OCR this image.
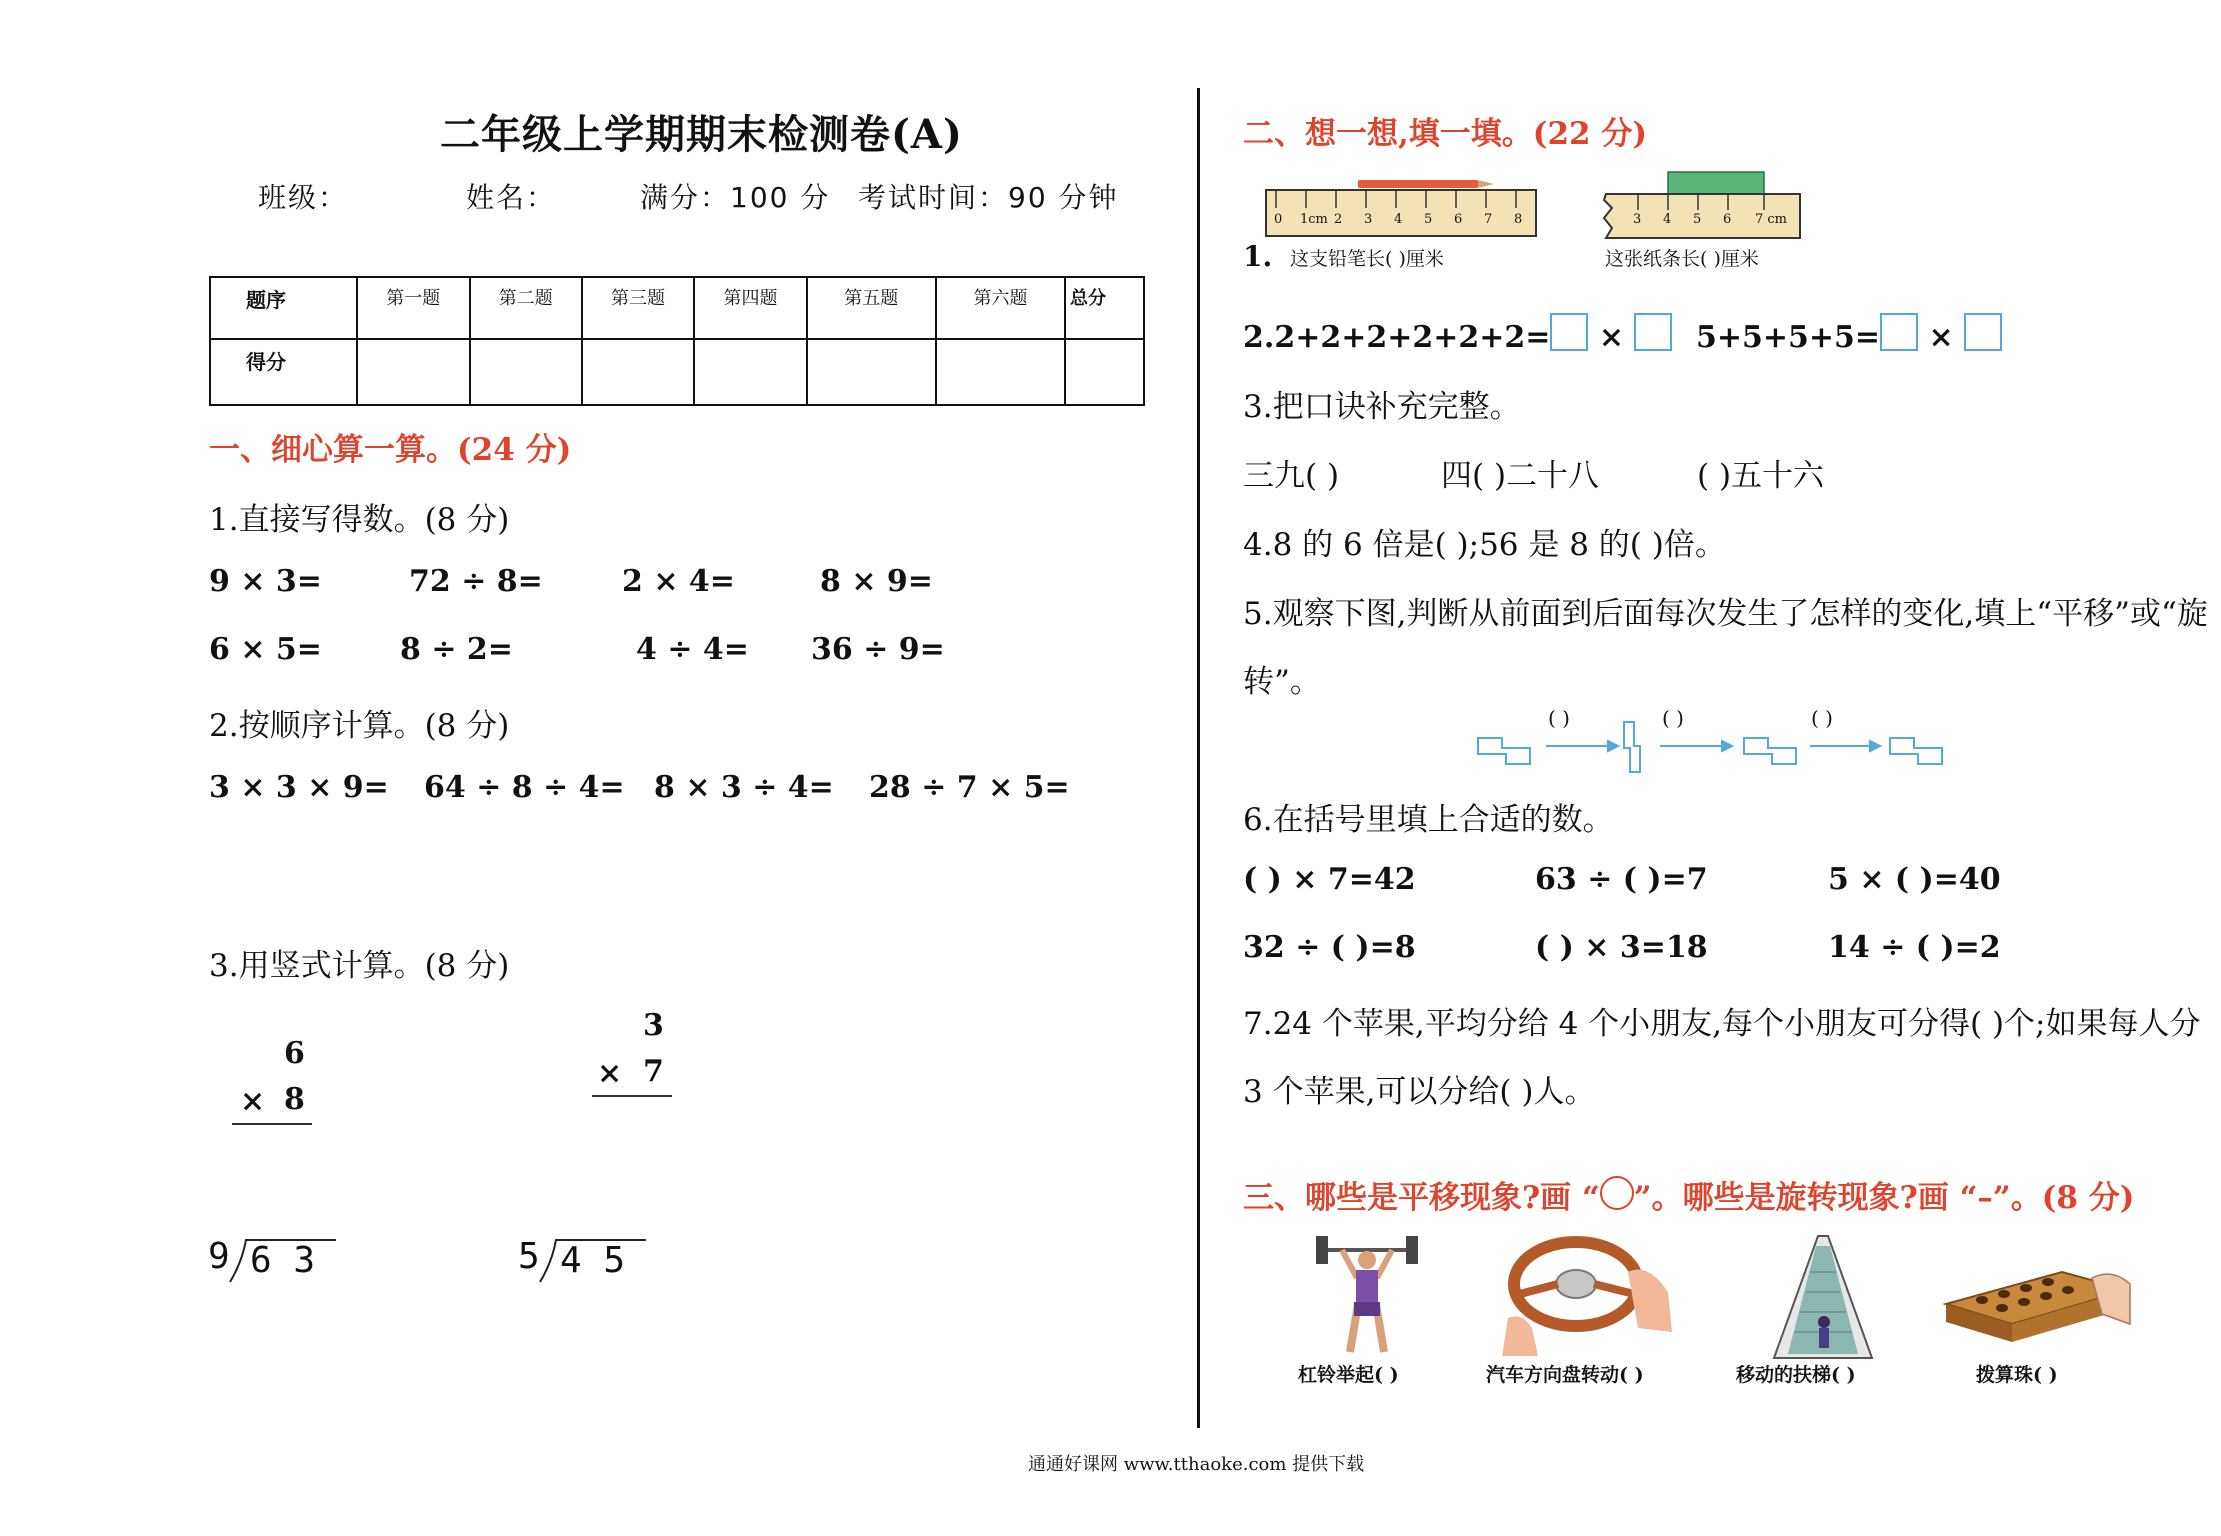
二年级上学期期末检测卷(A)
班级：	姓名：	满分：100 分 考试时间：90 分钟
题序	第一题	第二题	第三题	第四题	第五题	第六题	总分
得分							
一、细心算一算。(24 分)
1.直接写得数。(8 分)
9 × 3=	72 ÷ 8=	2 × 4=	8 × 9=
6 × 5=	8 ÷ 2=	4 ÷ 4= 36 ÷ 9=
2.按顺序计算。(8 分)
3 × 3 × 9= 64 ÷ 8 ÷ 4= 8 × 3 ÷ 4= 28 ÷ 7 × 5=
3.用竖式计算。(8 分)
6
× 8
3
× 7
9 6 3	5 4 5
二、想一想,填一填。(22 分)
0 1cm 2 3 4 5 6 7 8	3 4 5 6 7 cm
1. 这支铅笔长( )厘米	这张纸条长( )厘米
2.2+2+2+2+2+2= ×	5+5+5+5= ×
3.把口诀补充完整。
三九( )	四( )二十八	( )五十六
4.8 的 6 倍是( );56 是 8 的( )倍。
5.观察下图,判断从前面到后面每次发生了怎样的变化,填上“平移”或“旋
转”。
( )	( )	( )
6.在括号里填上合适的数。
( ) × 7=42	63 ÷ ( )=7	5 × ( )=40
32 ÷ ( )=8	( ) × 3=18	14 ÷ ( )=2
7.24 个苹果,平均分给 4 个小朋友,每个小朋友可分得( )个;如果每人分
3 个苹果,可以分给( )人。
三、哪些是平移现象?画 “ ”。哪些是旋转现象?画 “–”。(8 分)
杠铃举起( )	汽车方向盘转动( )	移动的扶梯( )	拨算珠( )
通通好课网 www.tthaoke.com 提供下载
